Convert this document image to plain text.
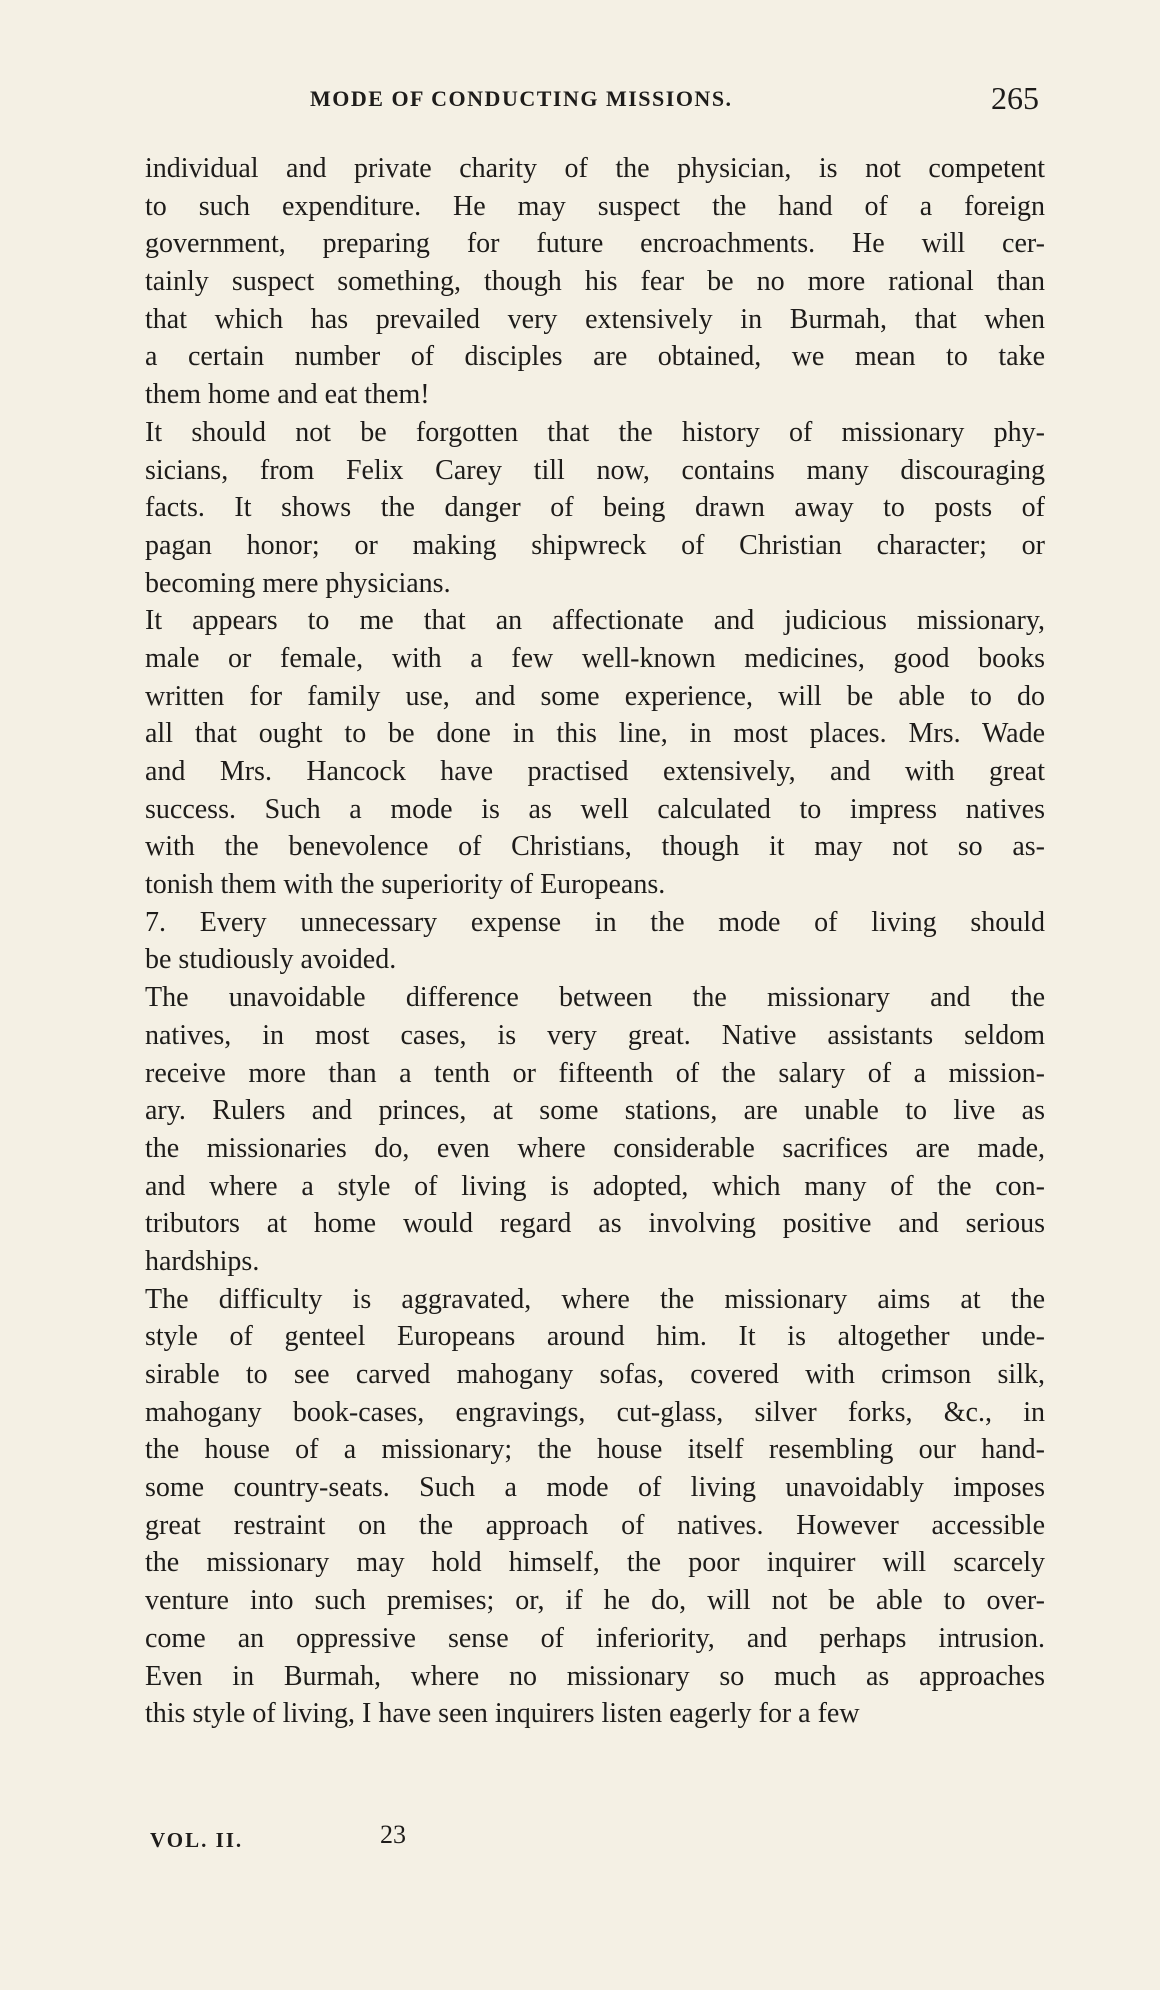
MODE OF CONDUCTING MISSIONS.	265
individual and private charity of the physician, is not competent
to such expenditure. He may suspect the hand of a foreign
government, preparing for future encroachments. He will cer-
tainly suspect something, though his fear be no more rational than
that which has prevailed very extensively in Burmah, that when
a certain number of disciples are obtained, we mean to take
them home and eat them!
It should not be forgotten that the history of missionary phy-
sicians, from Felix Carey till now, contains many discouraging
facts. It shows the danger of being drawn away to posts of
pagan honor; or making shipwreck of Christian character; or
becoming mere physicians.
It appears to me that an affectionate and judicious missionary,
male or female, with a few well-known medicines, good books
written for family use, and some experience, will be able to do
all that ought to be done in this line, in most places. Mrs. Wade
and Mrs. Hancock have practised extensively, and with great
success. Such a mode is as well calculated to impress natives
with the benevolence of Christians, though it may not so as-
tonish them with the superiority of Europeans.
7. Every unnecessary expense in the mode of living should
be studiously avoided.
The unavoidable difference between the missionary and the
natives, in most cases, is very great. Native assistants seldom
receive more than a tenth or fifteenth of the salary of a mission-
ary. Rulers and princes, at some stations, are unable to live as
the missionaries do, even where considerable sacrifices are made,
and where a style of living is adopted, which many of the con-
tributors at home would regard as involving positive and serious
hardships.
The difficulty is aggravated, where the missionary aims at the
style of genteel Europeans around him. It is altogether unde-
sirable to see carved mahogany sofas, covered with crimson silk,
mahogany book-cases, engravings, cut-glass, silver forks, &c., in
the house of a missionary; the house itself resembling our hand-
some country-seats. Such a mode of living unavoidably imposes
great restraint on the approach of natives. However accessible
the missionary may hold himself, the poor inquirer will scarcely
venture into such premises; or, if he do, will not be able to over-
come an oppressive sense of inferiority, and perhaps intrusion.
Even in Burmah, where no missionary so much as approaches
this style of living, I have seen inquirers listen eagerly for a few
VOL. II.	23
